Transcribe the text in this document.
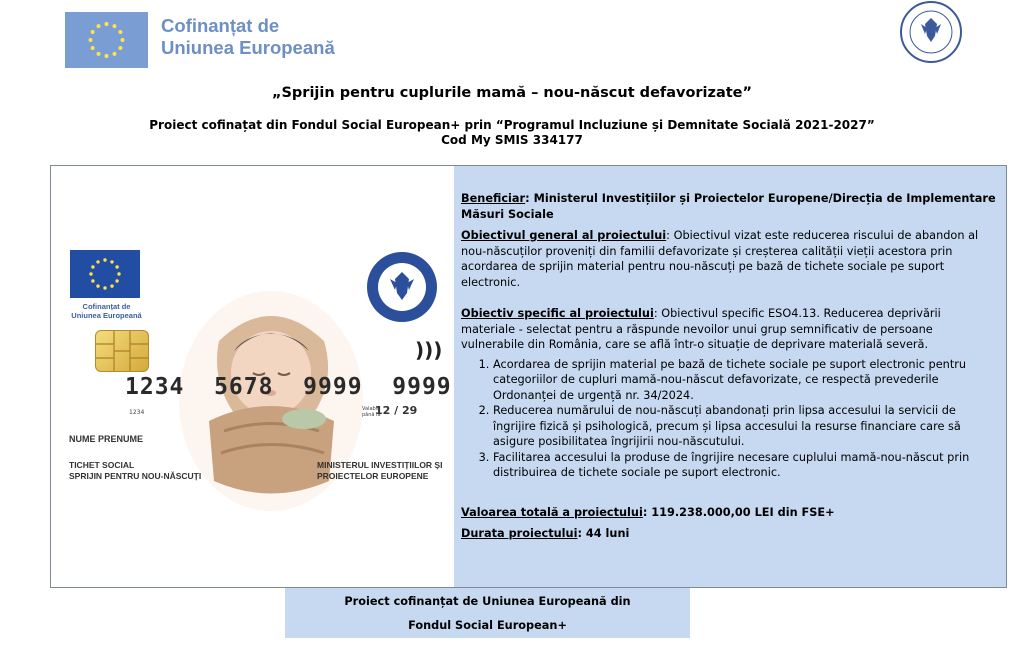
Cofinanțat de
Uniunea Europeană
„Sprijin pentru cuplurile mamă – nou-născut defavorizate”
Proiect cofinațat din Fondul Social European+ prin “Programul Incluziune și Demnitate Socială 2021-2027”
Cod My SMIS 334177
Cofinanțat de
Uniunea Europeană
)))
1234  5678  9999  9999
1234	Valabil
până la
12 / 29
NUME PRENUME
TICHET SOCIAL
SPRIJIN PENTRU NOU-NĂSCUȚI
MINISTERUL INVESTIȚIILOR ȘI
PROIECTELOR EUROPENE

Beneficiar: Ministerul Investițiilor și Proiectelor Europene/Direcția de Implementare Măsuri Sociale

Obiectivul general al proiectului: Obiectivul vizat este reducerea riscului de abandon al nou-născuților proveniți din familii defavorizate și creșterea calității vieții acestora prin acordarea de sprijin material pentru nou-născuți pe bază de tichete sociale pe suport electronic.

Obiectiv specific al proiectului: Obiectivul specific ESO4.13. Reducerea deprivării materiale - selectat pentru a răspunde nevoilor unui grup semnificativ de persoane vulnerabile din România, care se află într-o situație de deprivare materială severă.

1. Acordarea de sprijin material pe bază de tichete sociale pe suport electronic pentru categoriilor de cupluri mamă-nou-născut defavorizate, ce respectă prevederile Ordonanței de urgență nr. 34/2024.
2. Reducerea numărului de nou-născuți abandonați prin lipsa accesului la servicii de îngrijire fizică și psihologică, precum și lipsa accesului la resurse financiare care să asigure posibilitatea îngrijirii nou-născutului.
3. Facilitarea accesului la produse de îngrijire necesare cuplului mamă-nou-născut prin distribuirea de tichete sociale pe suport electronic.

Valoarea totală a proiectului: 119.238.000,00 LEI din FSE+

Durata proiectului: 44 luni

Proiect cofinanțat de Uniunea Europeană din
Fondul Social European+
